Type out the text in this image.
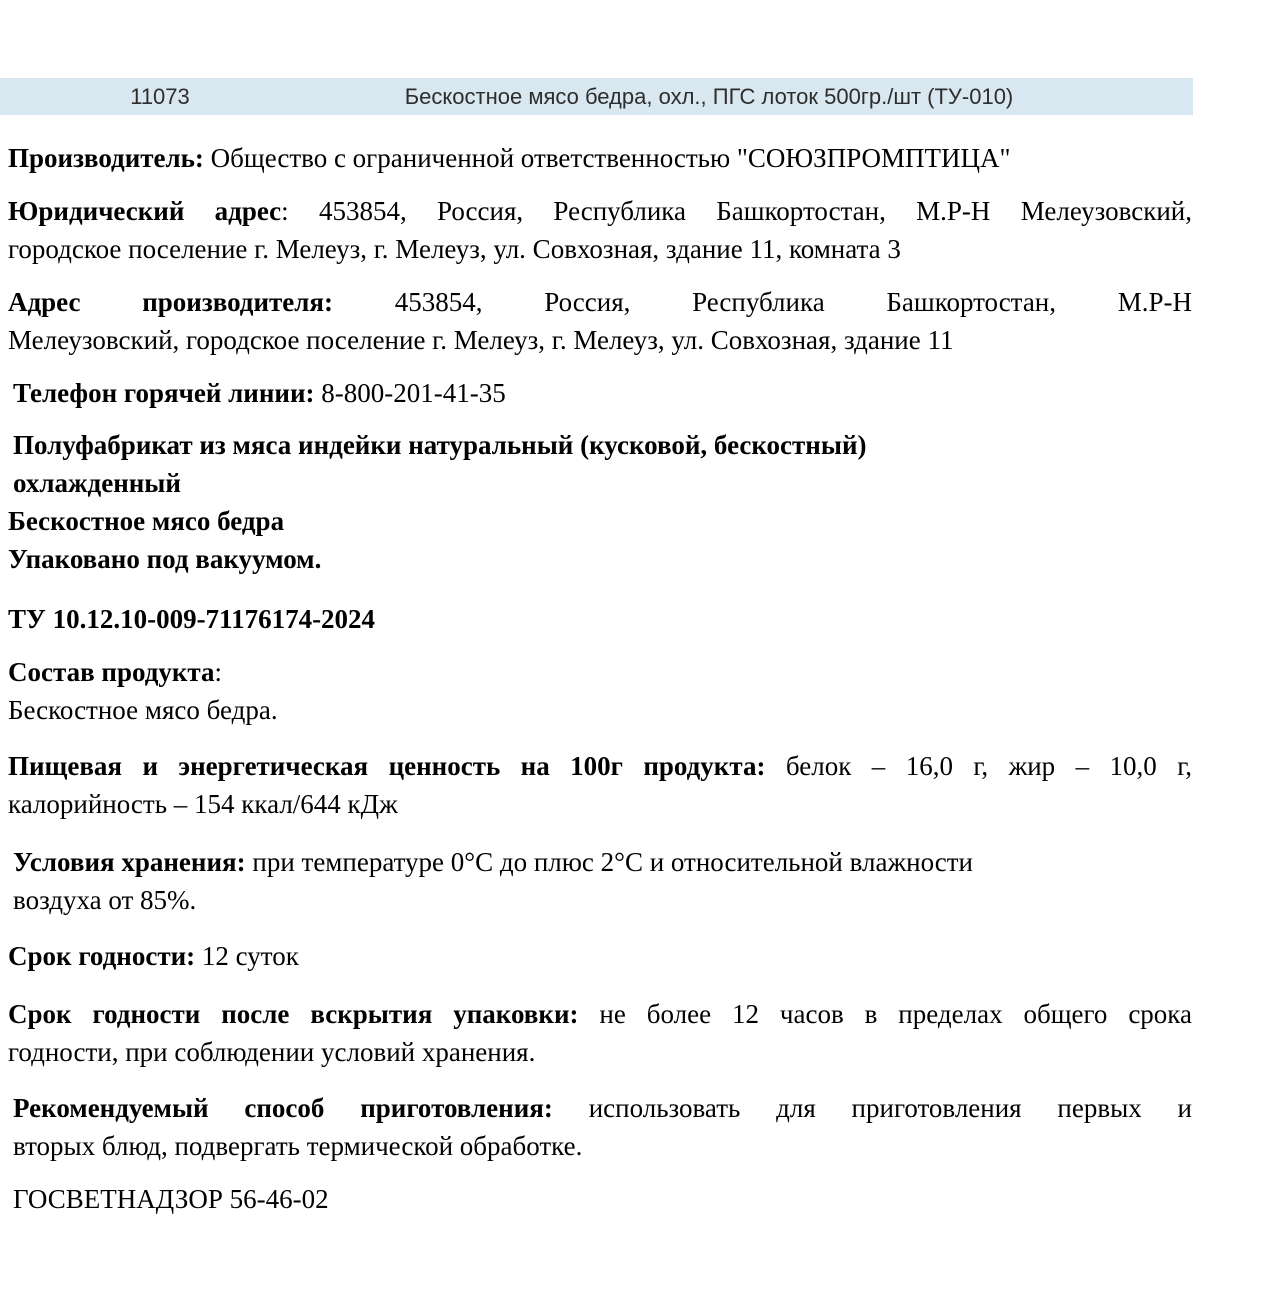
11073	Бескостное мясо бедра, охл., ПГС лоток 500гр./шт (ТУ-010)

Производитель: Общество с ограниченной ответственностью "СОЮЗПРОМПТИЦА"

Юридический адрес: 453854, Россия, Республика Башкортостан, М.Р-Н Мелеузовский,
городское поселение г. Мелеуз, г. Мелеуз, ул. Совхозная, здание 11, комната 3

Адрес производителя: 453854, Россия, Республика Башкортостан, М.Р-Н
Мелеузовский, городское поселение г. Мелеуз, г. Мелеуз, ул. Совхозная, здание 11

Телефон горячей линии: 8-800-201-41-35

Полуфабрикат из мяса индейки натуральный (кусковой, бескостный)
охлажденный
Бескостное мясо бедра
Упаковано под вакуумом.

ТУ 10.12.10-009-71176174-2024

Состав продукта:
Бескостное мясо бедра.

Пищевая и энергетическая ценность на 100г продукта: белок – 16,0 г, жир – 10,0 г,
калорийность – 154 ккал/644 кДж

Условия хранения: при температуре 0°С до плюс 2°С и относительной влажности
воздуха от 85%.

Срок годности: 12 суток

Срок годности после вскрытия упаковки: не более 12 часов в пределах общего срока
годности, при соблюдении условий хранения.

Рекомендуемый способ приготовления: использовать для приготовления первых и
вторых блюд, подвергать термической обработке.

ГОСВЕТНАДЗОР 56-46-02
